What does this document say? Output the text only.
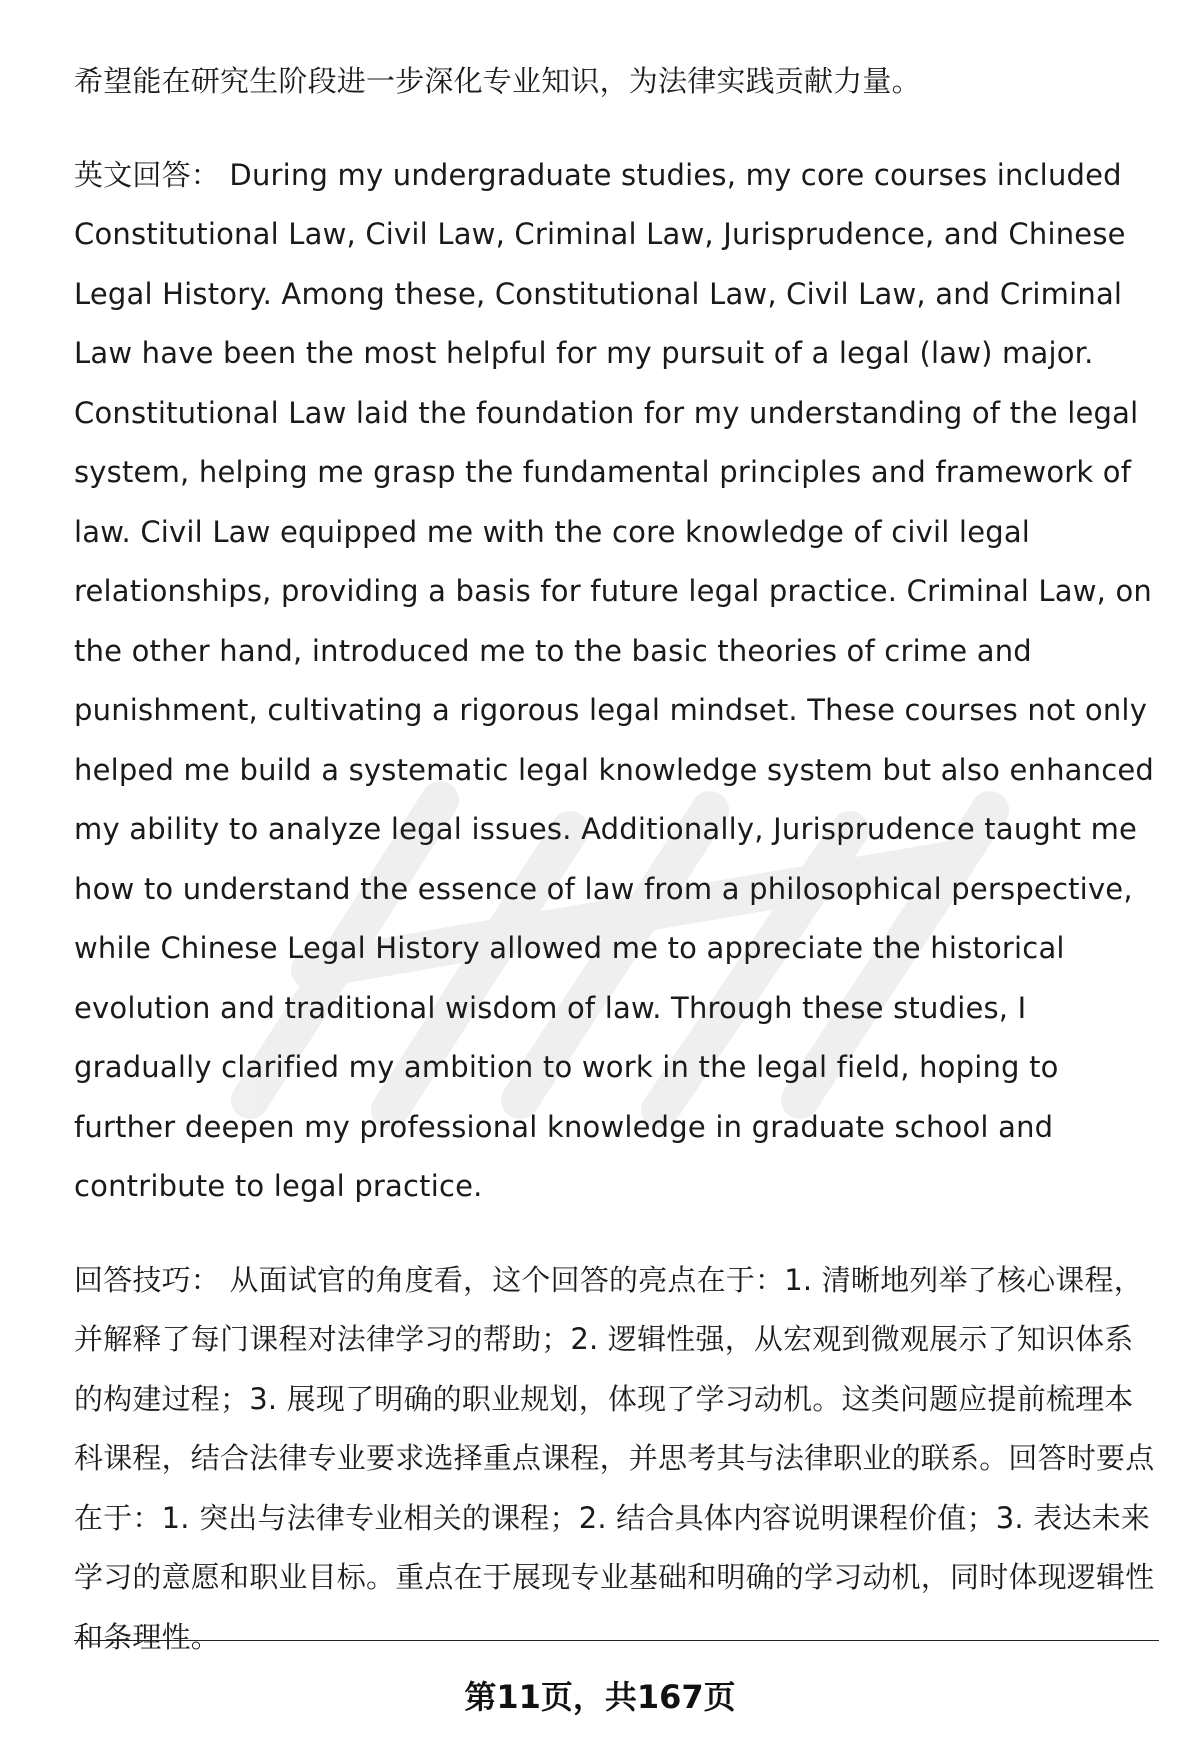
希望能在研究生阶段进一步深化专业知识，为法律实践贡献力量。

英文回答： During my undergraduate studies, my core courses included Constitutional Law, Civil Law, Criminal Law, Jurisprudence, and Chinese Legal History. Among these, Constitutional Law, Civil Law, and Criminal Law have been the most helpful for my pursuit of a legal (law) major. Constitutional Law laid the foundation for my understanding of the legal system, helping me grasp the fundamental principles and framework of law. Civil Law equipped me with the core knowledge of civil legal relationships, providing a basis for future legal practice. Criminal Law, on the other hand, introduced me to the basic theories of crime and punishment, cultivating a rigorous legal mindset. These courses not only helped me build a systematic legal knowledge system but also enhanced my ability to analyze legal issues. Additionally, Jurisprudence taught me how to understand the essence of law from a philosophical perspective, while Chinese Legal History allowed me to appreciate the historical evolution and traditional wisdom of law. Through these studies, I gradually clarified my ambition to work in the legal field, hoping to further deepen my professional knowledge in graduate school and contribute to legal practice.

回答技巧： 从面试官的角度看，这个回答的亮点在于：1. 清晰地列举了核心课程，并解释了每门课程对法律学习的帮助；2. 逻辑性强，从宏观到微观展示了知识体系的构建过程；3. 展现了明确的职业规划，体现了学习动机。这类问题应提前梳理本科课程，结合法律专业要求选择重点课程，并思考其与法律职业的联系。回答时要点在于：1. 突出与法律专业相关的课程；2. 结合具体内容说明课程价值；3. 表达未来学习的意愿和职业目标。重点在于展现专业基础和明确的学习动机，同时体现逻辑性和条理性。

第11页，共167页
